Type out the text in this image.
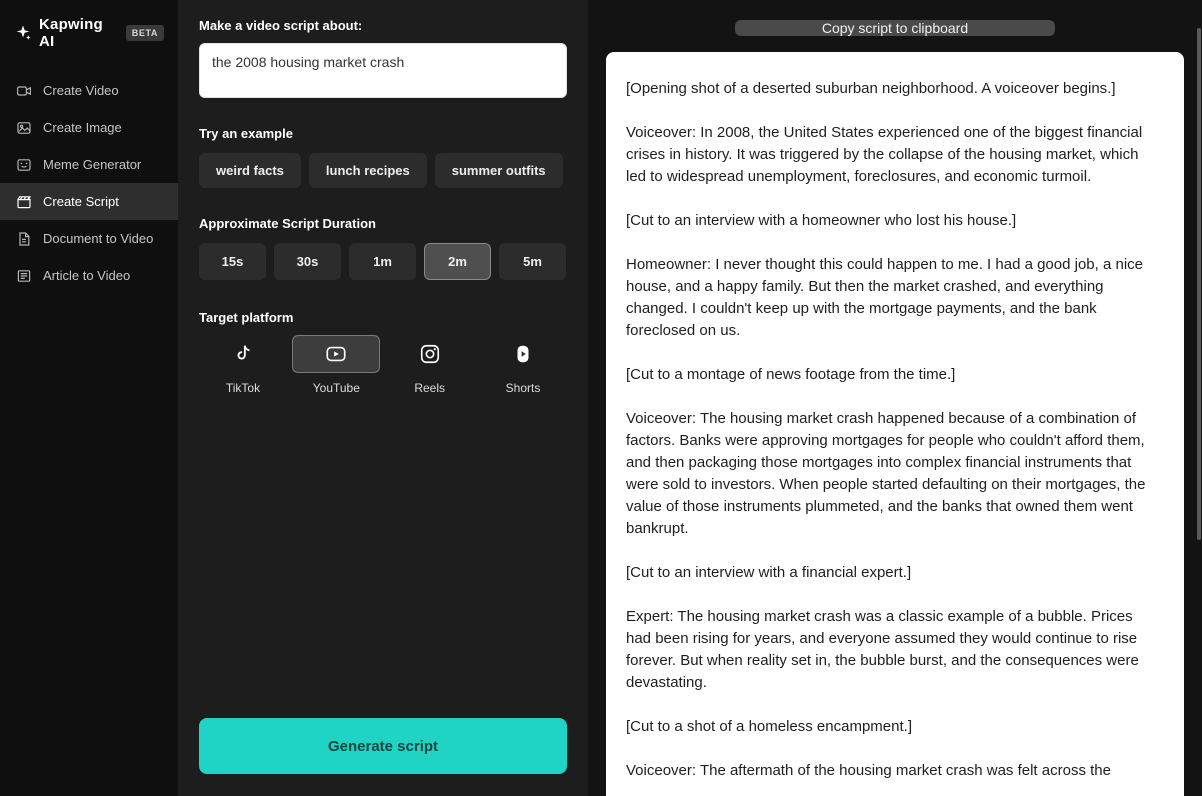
Kapwing AI	BETA
Create Video
Create Image
Meme Generator
Create Script
Document to Video
Article to Video
Make a video script about:
the 2008 housing market crash
Try an example
weird facts	lunch recipes	summer outfits
Approximate Script Duration
15s	30s	1m	2m	5m
Target platform
TikTok	YouTube	Reels	Shorts
Generate script
Copy script to clipboard

[Opening shot of a deserted suburban neighborhood. A voiceover begins.]

Voiceover: In 2008, the United States experienced one of the biggest financial crises in history. It was triggered by the collapse of the housing market, which led to widespread unemployment, foreclosures, and economic turmoil.

[Cut to an interview with a homeowner who lost his house.]

Homeowner: I never thought this could happen to me. I had a good job, a nice house, and a happy family. But then the market crashed, and everything changed. I couldn't keep up with the mortgage payments, and the bank foreclosed on us.

[Cut to a montage of news footage from the time.]

Voiceover: The housing market crash happened because of a combination of factors. Banks were approving mortgages for people who couldn't afford them, and then packaging those mortgages into complex financial instruments that were sold to investors. When people started defaulting on their mortgages, the value of those instruments plummeted, and the banks that owned them went bankrupt.

[Cut to an interview with a financial expert.]

Expert: The housing market crash was a classic example of a bubble. Prices had been rising for years, and everyone assumed they would continue to rise forever. But when reality set in, the bubble burst, and the consequences were devastating.

[Cut to a shot of a homeless encampment.]

Voiceover: The aftermath of the housing market crash was felt across the
